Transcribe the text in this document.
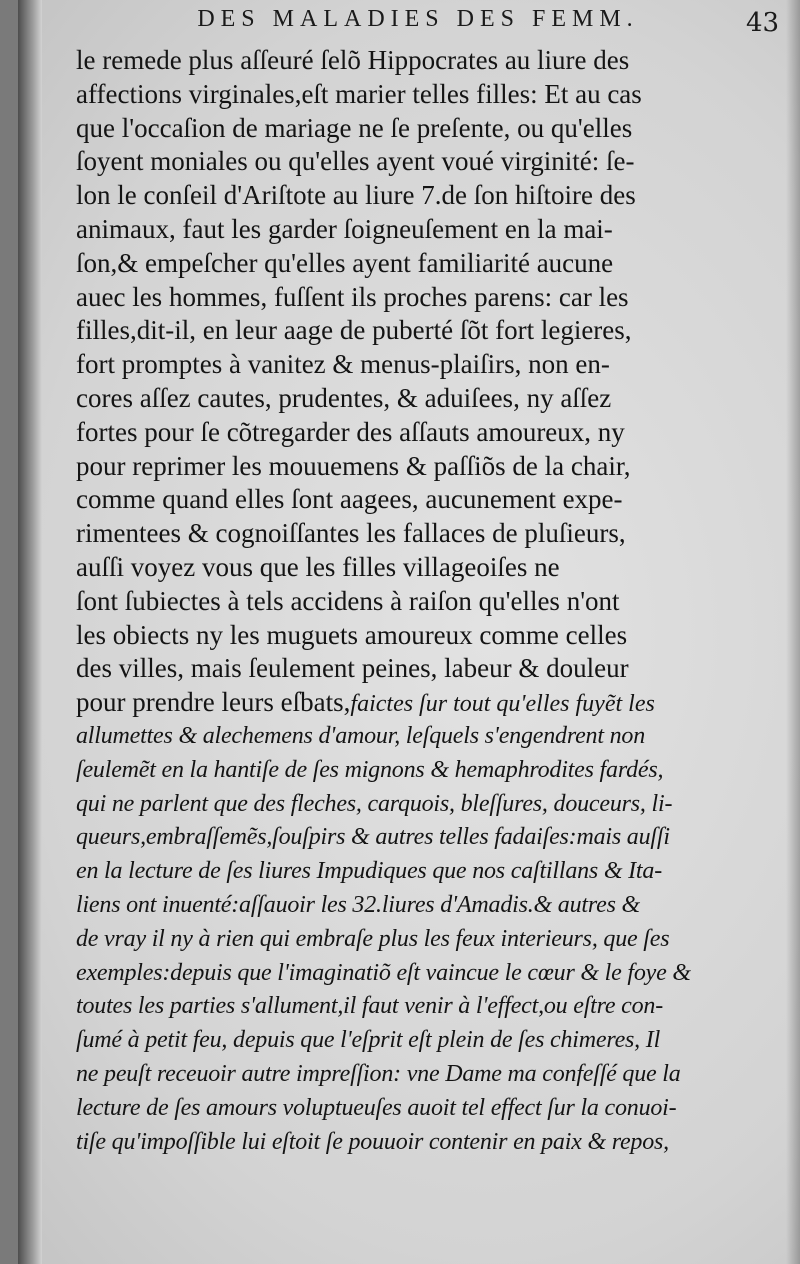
DES MALADIES DES FEMM.	43
le remede plus aſſeuré ſelõ Hippocrates au liure des
affections virginales,eſt marier telles filles: Et au cas
que l'occaſion de mariage ne ſe preſente, ou qu'elles
ſoyent moniales ou qu'elles ayent voué virginité: ſe-
lon le conſeil d'Ariſtote au liure 7.de ſon hiſtoire des
animaux, faut les garder ſoigneuſement en la mai-
ſon,& empeſcher qu'elles ayent familiarité aucune
auec les hommes, fuſſent ils proches parens: car les
filles,dit-il, en leur aage de puberté ſõt fort legieres,
fort promptes à vanitez & menus-plaiſirs, non en-
cores aſſez cautes, prudentes, & aduiſees, ny aſſez
fortes pour ſe cõtregarder des aſſauts amoureux, ny
pour reprimer les mouuemens & paſſiõs de la chair,
comme quand elles ſont aagees, aucunement expe-
rimentees & cognoiſſantes les fallaces de pluſieurs,
auſſi voyez vous que les filles villageoiſes ne
ſont ſubiectes à tels accidens à raiſon qu'elles n'ont
les obiects ny les muguets amoureux comme celles
des villes, mais ſeulement peines, labeur & douleur
pour prendre leurs eſbats,faictes ſur tout qu'elles fuyẽt les
allumettes & alechemens d'amour, leſquels s'engendrent non
ſeulemẽt en la hantiſe de ſes mignons & hemaphrodites fardés,
qui ne parlent que des fleches, carquois, bleſſures, douceurs, li-
queurs,embraſſemẽs,ſouſpirs & autres telles fadaiſes:mais auſſi
en la lecture de ſes liures Impudiques que nos caſtillans & Ita-
liens ont inuenté:aſſauoir les 32.liures d'Amadis.& autres &
de vray il ny à rien qui embraſe plus les feux interieurs, que ſes
exemples:depuis que l'imaginatiõ eſt vaincue le cœur & le foye &
toutes les parties s'allument,il faut venir à l'effect,ou eſtre con-
ſumé à petit feu, depuis que l'eſprit eſt plein de ſes chimeres, Il
ne peuſt receuoir autre impreſſion: vne Dame ma confeſſé que la
lecture de ſes amours voluptueuſes auoit tel effect ſur la conuoi-
tiſe qu'impoſſible lui eſtoit ſe pouuoir contenir en paix & repos,
